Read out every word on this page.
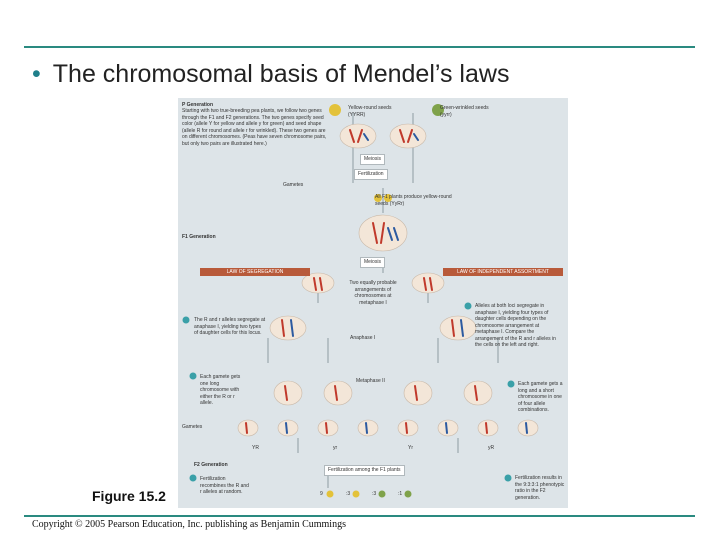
• The chromosomal basis of Mendel’s laws
P Generation
Starting with two true-breeding pea plants, we follow two genes through the F1 and F2 generations. The two genes specify seed color (allele Y for yellow and allele y for green) and seed shape (allele R for round and allele r for wrinkled). These two genes are on different chromosomes. (Peas have seven chromosome pairs, but only two pairs are illustrated here.)
Yellow-round seeds (YYRR)
Green-wrinkled seeds (yyrr)
Meiosis
Fertilization
Gametes
All F1 plants produce yellow-round seeds (YyRr)
F1 Generation
Meiosis
LAW OF SEGREGATION	LAW OF INDEPENDENT ASSORTMENT
Two equally probable arrangements of chromosomes at metaphase I
The R and r alleles segregate at anaphase I, yielding two types of daughter cells for this locus.
Alleles at both loci segregate in anaphase I, yielding four types of daughter cells depending on the chromosome arrangement at metaphase I. Compare the arrangement of the R and r alleles in the cells on the left and right.
Anaphase I
Metaphase II
Each gamete gets one long chromosome with either the R or r allele.
Each gamete gets a long and a short chromosome in one of four allele combinations.
Gametes
YR	yr	Yr	yR
F2 Generation
Fertilization among the F1 plants
Fertilization recombines the R and r alleles at random.
Fertilization results in the 9:3:3:1 phenotypic ratio in the F2 generation.
9	:3	:3	:1
Figure 15.2
Copyright © 2005 Pearson Education, Inc. publishing as Benjamin Cummings
